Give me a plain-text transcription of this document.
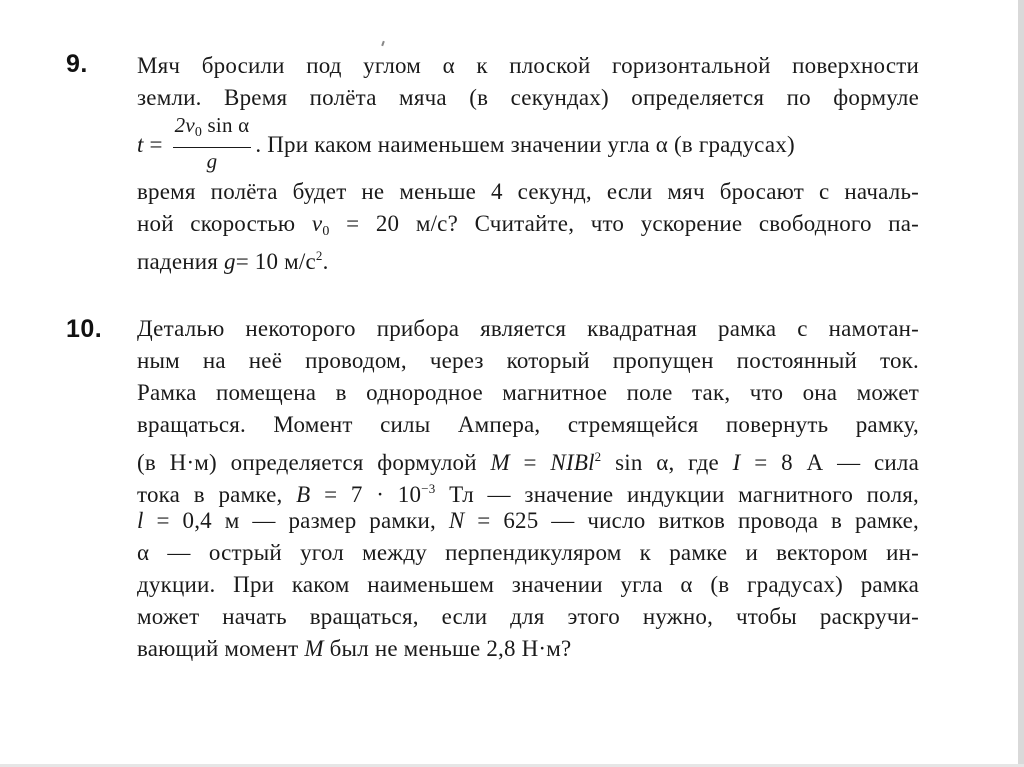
9. Мяч бросили под углом α к плоской горизонтальной поверхности
земли. Время полёта мяча (в секундах) определяется по формуле
$t = \frac{2v_0 \sin \alpha}{g}$ . При каком наименьшем значении угла α (в градусах)
время полёта будет не меньше 4 секунд, если мяч бросают с началь-
ной скоростью $v_0 = 20$ м/с? Считайте, что ускорение свободного па-
падения g= 10 $м/с^2$.
10. Деталью некоторого прибора является квадратная рамка с намотан-
ным на неё проводом, через который пропущен постоянный ток.
Рамка помещена в однородное магнитное поле так, что она может
вращаться. Момент силы Ампера, стремящейся повернуть рамку,
(в Н·м) определяется формулой M = NIBl$^2$ sin α, где I = 8 А — сила
тока в рамке, $B = 7 \cdot 10^{-3}$ Тл — значение индукции магнитного поля,
l = 0,4 м — размер рамки, N = 625 — число витков провода в рамке,
α — острый угол между перпендикуляром к рамке и вектором ин-
дукции. При каком наименьшем значении угла α (в градусах) рамка
может начать вращаться, если для этого нужно, чтобы раскручи-
вающий момент M был не меньше 2,8 Н·м?
